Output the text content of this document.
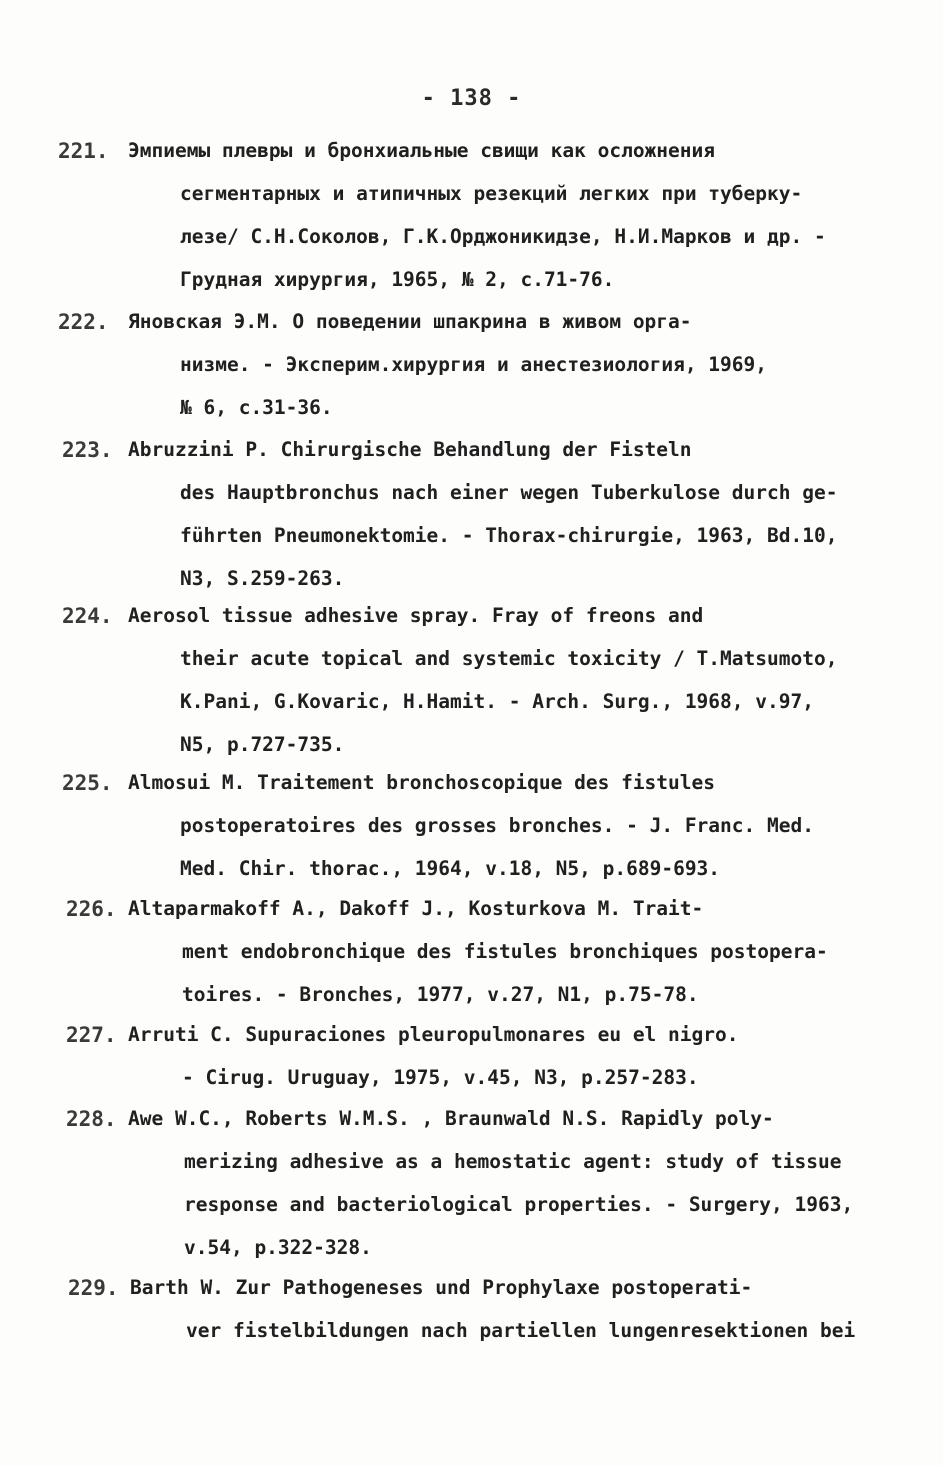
- 138 -
221. Эмпиемы плевры и бронхиальные свищи как осложнения
сегментарных и атипичных резекций легких при туберку-
лезе/ С.Н.Соколов, Г.К.Орджоникидзе, Н.И.Марков и др. -
Грудная хирургия, 1965, № 2, с.71-76.
222. Яновская Э.М. О поведении шпакрина в живом орга-
низме. - Эксперим.хирургия и анестезиология, 1969,
№ 6, с.31-36.
223. Abruzzini P. Chirurgische Behandlung der Fisteln
des Hauptbronchus nach einer wegen Tuberkulose durch ge-
führten Pneumonektomie. - Thorax-chirurgie, 1963, Bd.10,
N3, S.259-263.
224. Aerosol tissue adhesive spray. Fray of freons and
their acute topical and systemic toxicity / T.Matsumoto,
K.Pani, G.Kovaric, H.Hamit. - Arch. Surg., 1968, v.97,
N5, p.727-735.
225. Almosui M. Traitement bronchoscopique des fistules
postoperatoires des grosses bronches. - J. Franc. Med.
Med. Chir. thorac., 1964, v.18, N5, p.689-693.
226. Altaparmakoff A., Dakoff J., Kosturkova M. Trait-
ment endobronchique des fistules bronchiques postopera-
toires. - Bronches, 1977, v.27, N1, p.75-78.
227. Arruti C. Supuraciones pleuropulmonares eu el nigro.
- Cirug. Uruguay, 1975, v.45, N3, p.257-283.
228. Awe W.C., Roberts W.M.S. , Braunwald N.S. Rapidly poly-
merizing adhesive as a hemostatic agent: study of tissue
response and bacteriological properties. - Surgery, 1963,
v.54, p.322-328.
229. Barth W. Zur Pathogeneses und Prophylaxe postoperati-
ver fistelbildungen nach partiellen lungenresektionen bei
